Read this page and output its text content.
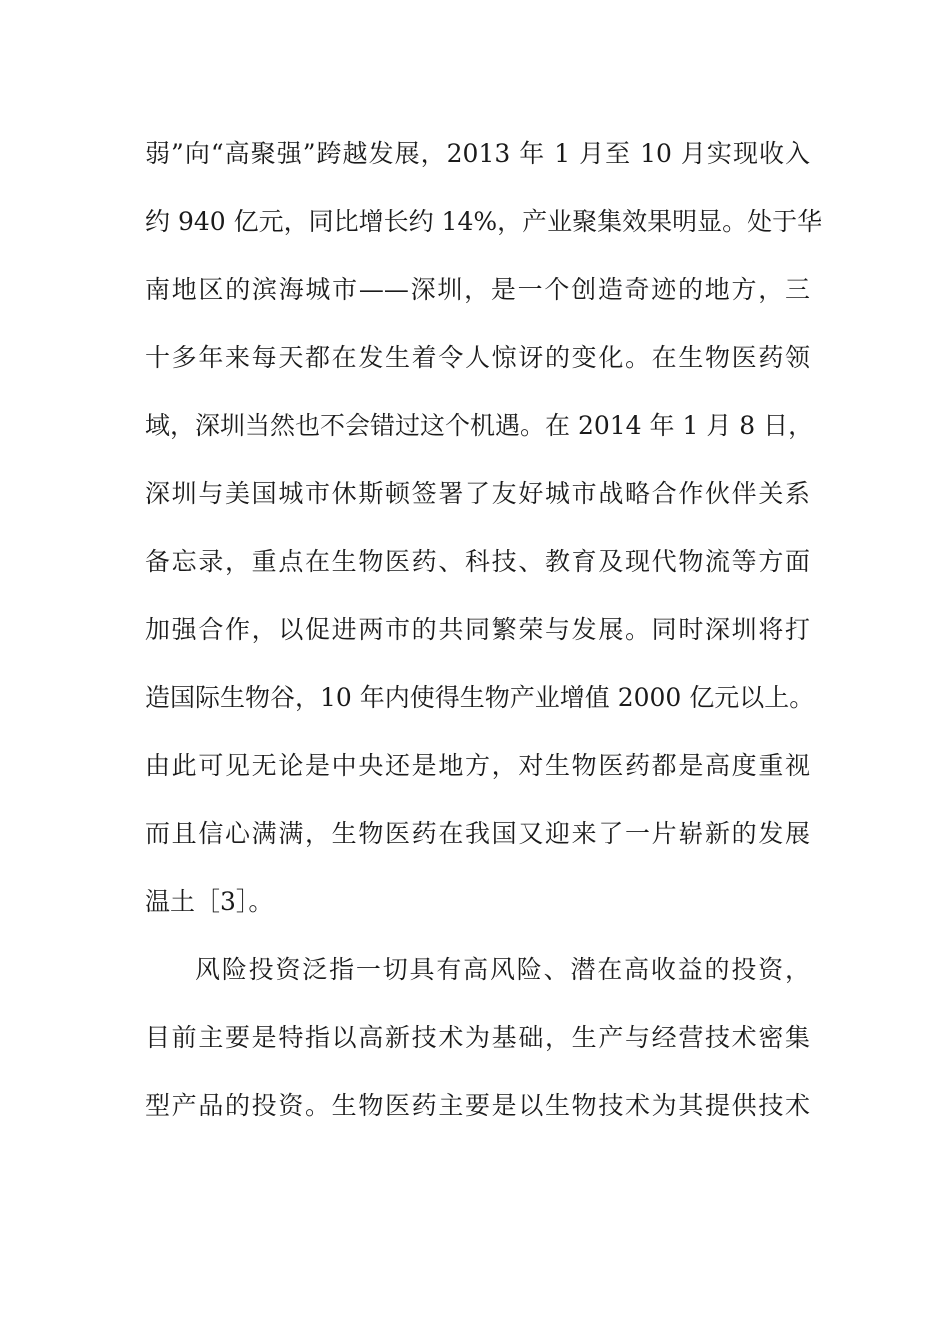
弱”向“高聚强”跨越发展，2013 年 1 月至 10 月实现收入
约 940 亿元，同比增长约 14%，产业聚集效果明显。处于华
南地区的滨海城市——深圳，是一个创造奇迹的地方，三
十多年来每天都在发生着令人惊讶的变化。在生物医药领
域，深圳当然也不会错过这个机遇。在 2014 年 1 月 8 日，
深圳与美国城市休斯顿签署了友好城市战略合作伙伴关系
备忘录，重点在生物医药、科技、教育及现代物流等方面
加强合作，以促进两市的共同繁荣与发展。同时深圳将打
造国际生物谷，10 年内使得生物产业增值 2000 亿元以上。
由此可见无论是中央还是地方，对生物医药都是高度重视
而且信心满满，生物医药在我国又迎来了一片崭新的发展
温土［3］。
风险投资泛指一切具有高风险、潜在高收益的投资，
目前主要是特指以高新技术为基础，生产与经营技术密集
型产品的投资。生物医药主要是以生物技术为其提供技术
